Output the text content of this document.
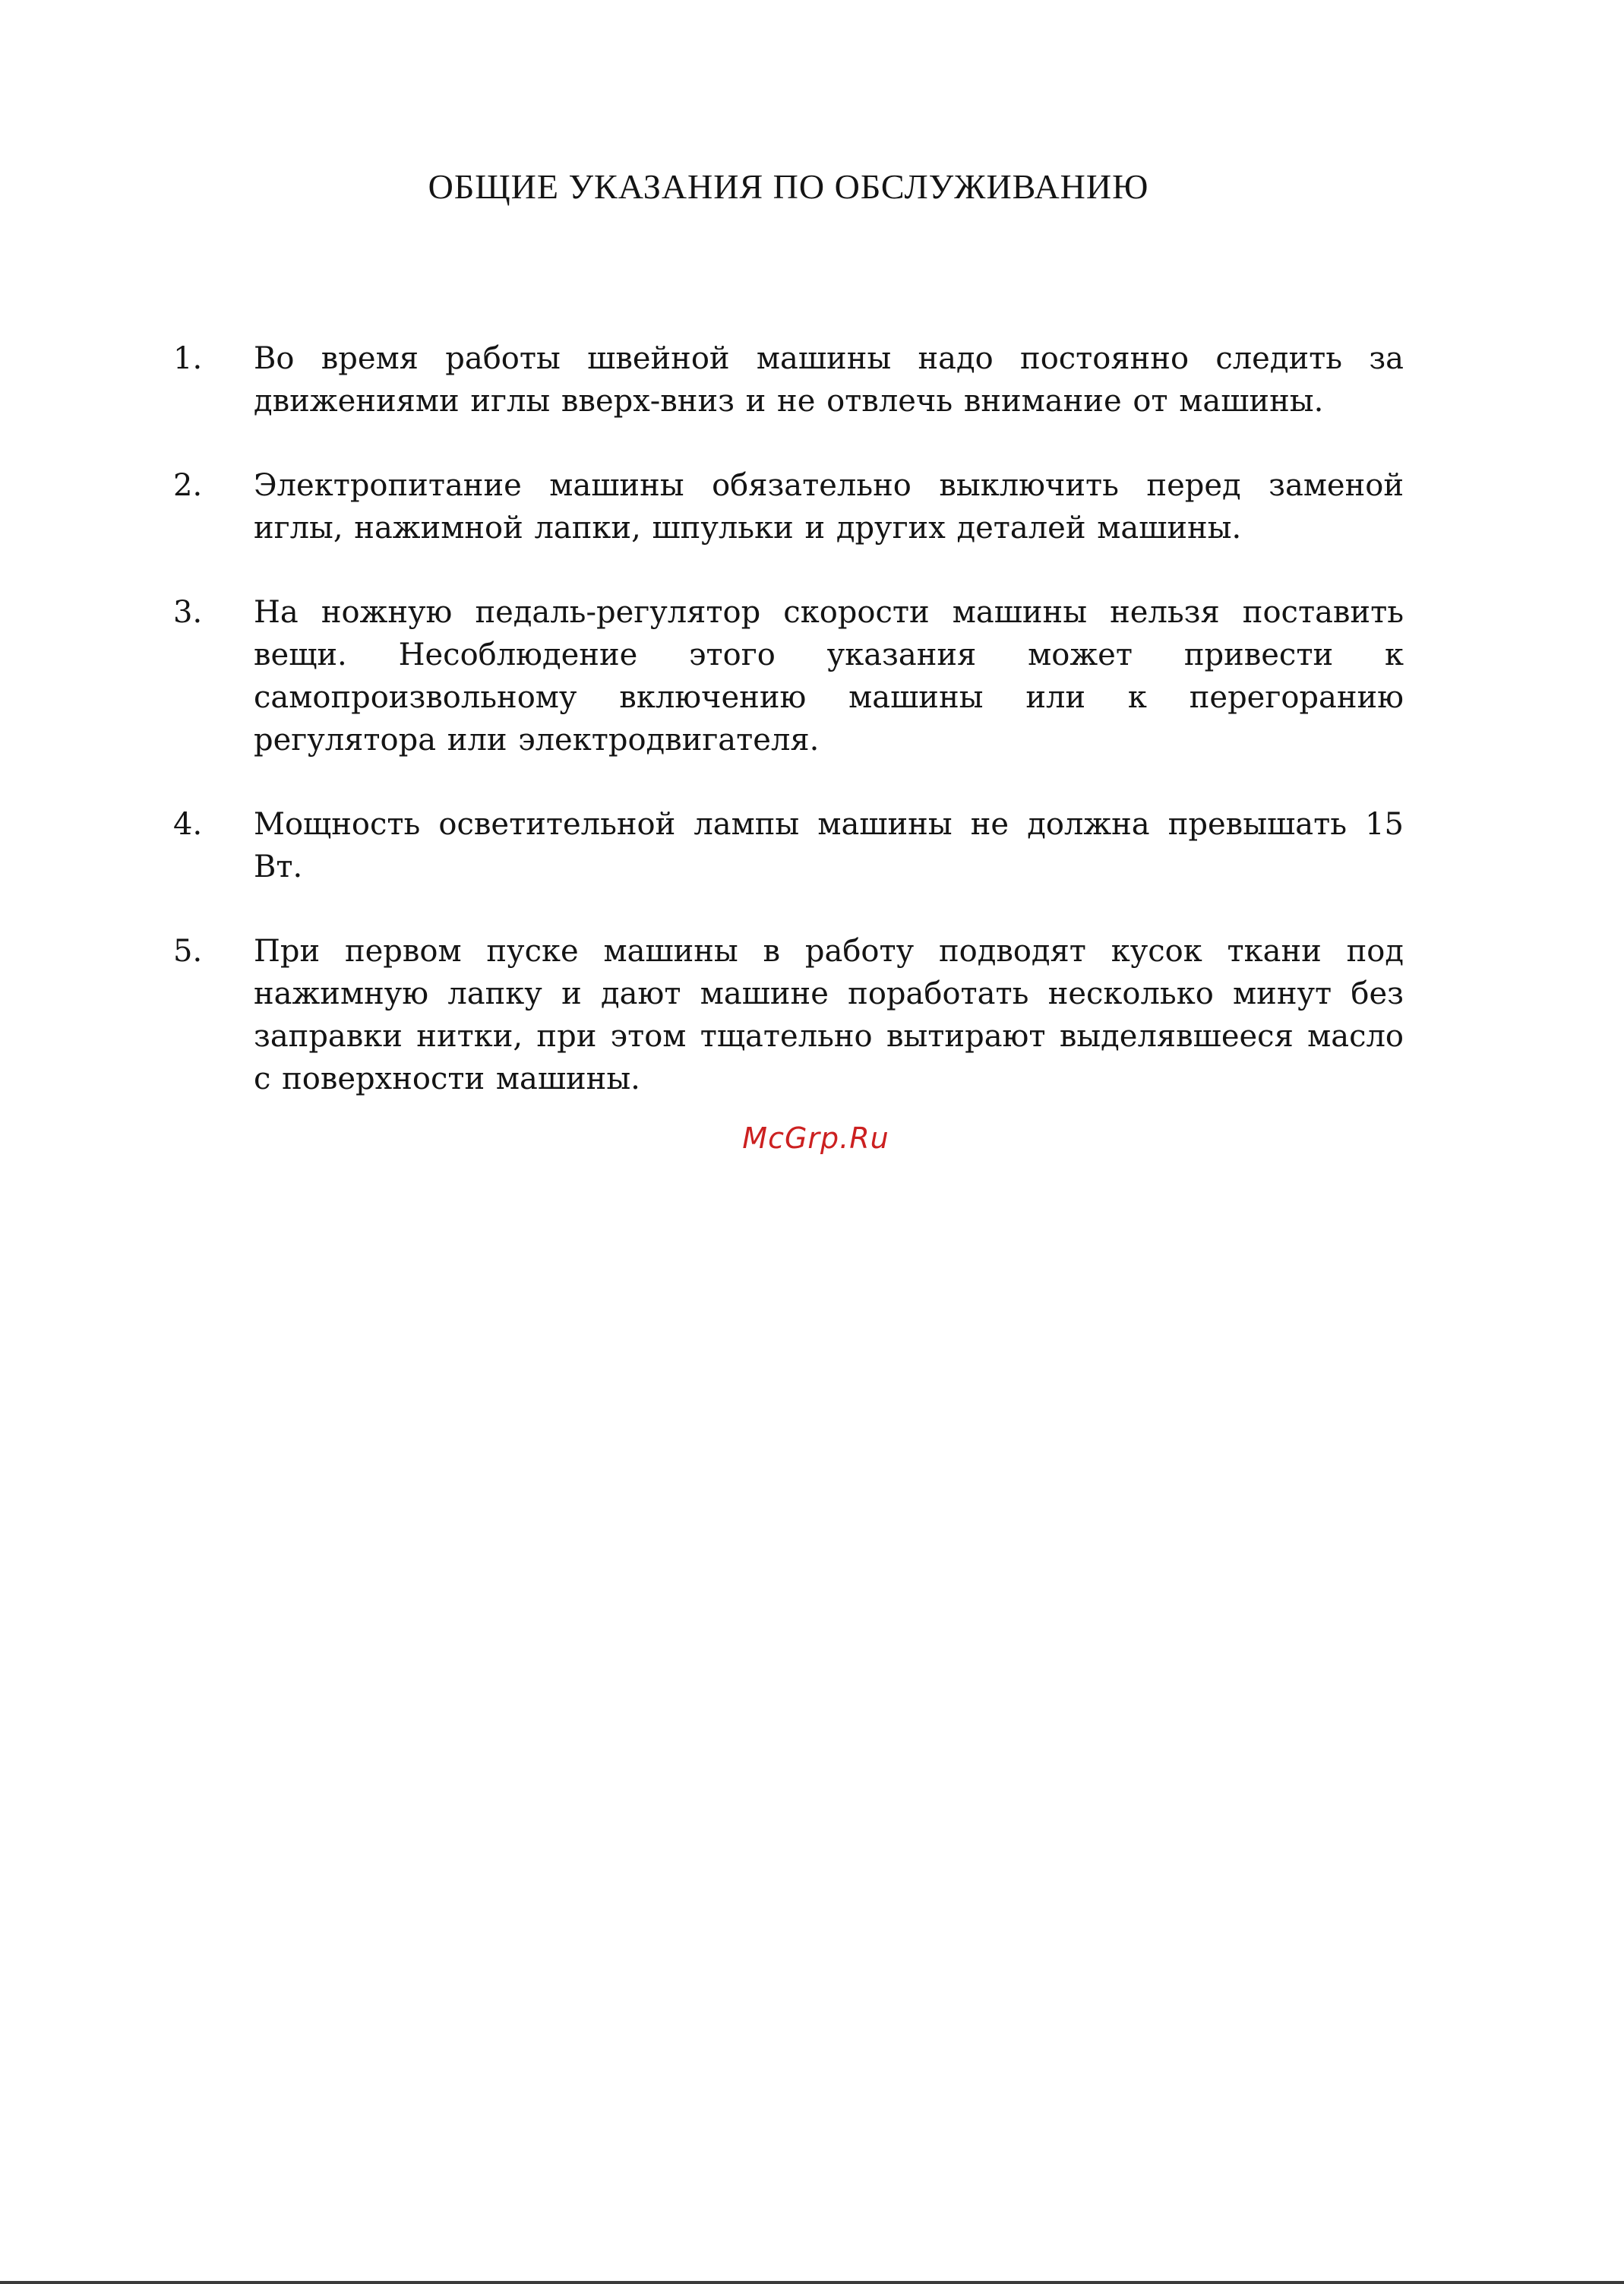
ОБЩИЕ УКАЗАНИЯ ПО ОБСЛУЖИВАНИЮ
1. Во время работы швейной машины надо постоянно следить за движениями иглы вверх-вниз и не отвлечь внимание от машины.
2. Электропитание машины обязательно выключить перед заменой иглы, нажимной лапки, шпульки и других деталей машины.
3. На ножную педаль-регулятор скорости машины нельзя поставить вещи. Несоблюдение этого указания может привести к самопроизвольному включению машины или к перегоранию регулятора или электродвигателя.
4. Мощность осветительной лампы машины не должна превышать 15 Вт.
5. При первом пуске машины в работу подводят кусок ткани под нажимную лапку и дают машине поработать несколько минут без заправки нитки, при этом тщательно вытирают выделявшееся масло с поверхности машины.
McGrp.Ru
